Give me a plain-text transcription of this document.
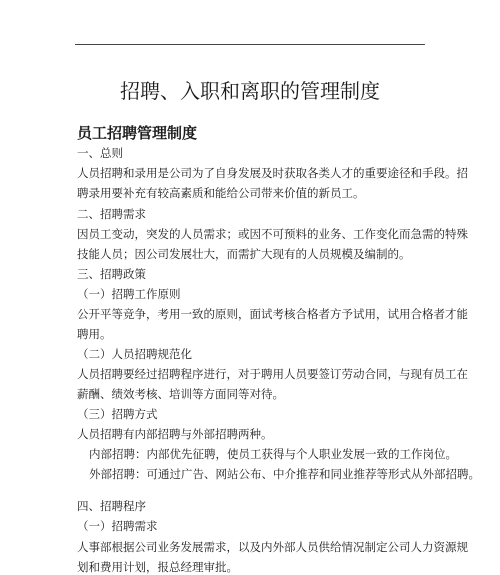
招聘、入职和离职的管理制度
员工招聘管理制度
一、总则
人员招聘和录用是公司为了自身发展及时获取各类人才的重要途径和手段。招
聘录用要补充有较高素质和能给公司带来价值的新员工。
二、招聘需求
因员工变动，突发的人员需求；或因不可预料的业务、工作变化而急需的特殊
技能人员；因公司发展壮大，而需扩大现有的人员规模及编制的。
三、招聘政策
（一）招聘工作原则
公开平等竞争，考用一致的原则，面试考核合格者方予试用，试用合格者才能
聘用。
（二）人员招聘规范化
人员招聘要经过招聘程序进行，对于聘用人员要签订劳动合同，与现有员工在
薪酬、绩效考核、培训等方面同等对待。
（三）招聘方式
人员招聘有内部招聘与外部招聘两种。
内部招聘：内部优先征聘，使员工获得与个人职业发展一致的工作岗位。
外部招聘：可通过广告、网站公布、中介推荐和同业推荐等形式从外部招聘。
四、招聘程序
（一）招聘需求
人事部根据公司业务发展需求，以及内外部人员供给情况制定公司人力资源规
划和费用计划，报总经理审批。
